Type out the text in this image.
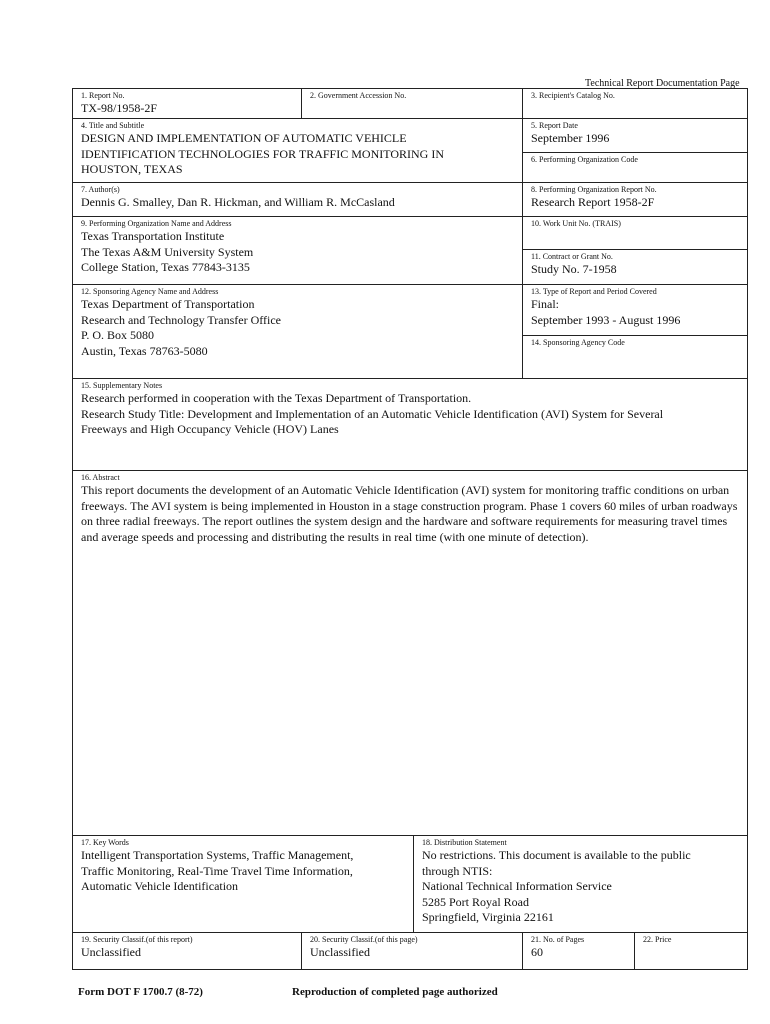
Technical Report Documentation Page
1. Report No.
TX-98/1958-2F
2. Government Accession No.	3. Recipient's Catalog No.
4. Title and Subtitle
DESIGN AND IMPLEMENTATION OF AUTOMATIC VEHICLE
IDENTIFICATION TECHNOLOGIES FOR TRAFFIC MONITORING IN
HOUSTON, TEXAS
5. Report Date
September 1996
6. Performing Organization Code
7. Author(s)
Dennis G. Smalley, Dan R. Hickman, and William R. McCasland
8. Performing Organization Report No.
Research Report 1958-2F
9. Performing Organization Name and Address
Texas Transportation Institute
The Texas A&M University System
College Station, Texas 77843-3135
10. Work Unit No. (TRAIS)
11. Contract or Grant No.
Study No. 7-1958
12. Sponsoring Agency Name and Address
Texas Department of Transportation
Research and Technology Transfer Office
P. O. Box 5080
Austin, Texas 78763-5080
13. Type of Report and Period Covered
Final:
September 1993 - August 1996
14. Sponsoring Agency Code
15. Supplementary Notes
Research performed in cooperation with the Texas Department of Transportation.
Research Study Title: Development and Implementation of an Automatic Vehicle Identification (AVI) System for Several
Freeways and High Occupancy Vehicle (HOV) Lanes
16. Abstract
This report documents the development of an Automatic Vehicle Identification (AVI) system for monitoring traffic conditions on urban freeways. The AVI system is being implemented in Houston in a stage construction program. Phase 1 covers 60 miles of urban roadways on three radial freeways. The report outlines the system design and the hardware and software requirements for measuring travel times and average speeds and processing and distributing the results in real time (with one minute of detection).
17. Key Words
Intelligent Transportation Systems, Traffic Management,
Traffic Monitoring, Real-Time Travel Time Information,
Automatic Vehicle Identification
18. Distribution Statement
No restrictions. This document is available to the public
through NTIS:
National Technical Information Service
5285 Port Royal Road
Springfield, Virginia 22161
19. Security Classif.(of this report)
Unclassified
20. Security Classif.(of this page)
Unclassified
21. No. of Pages
60
22. Price
Form DOT F 1700.7 (8-72)	Reproduction of completed page authorized
